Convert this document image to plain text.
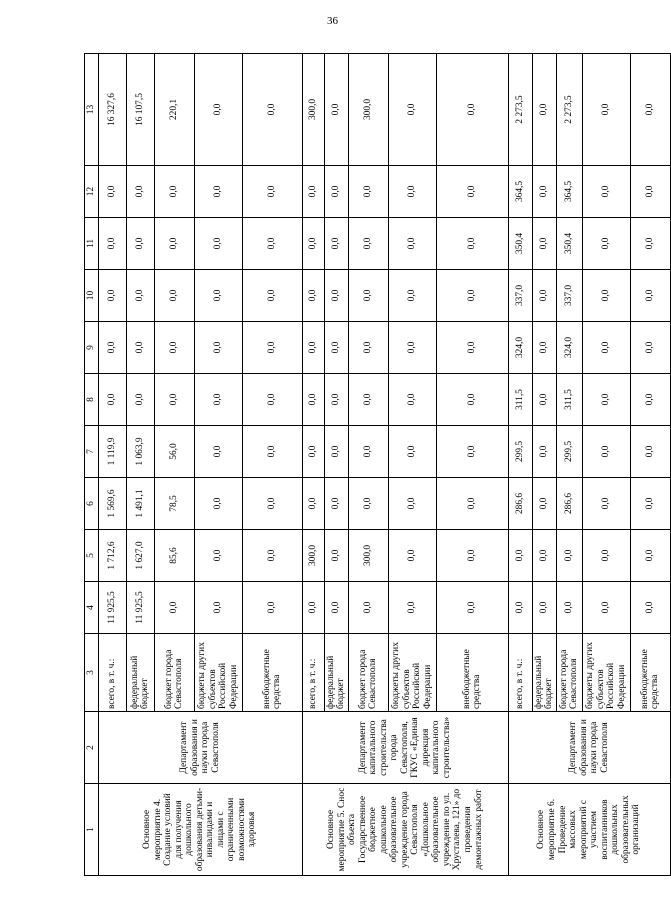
36
1	2	3	4	5	6	7	8	9	10	11	12	13
Основное мероприятие 4. Создание условий для получения дошкольного образования детьми-инвалидами и лицами с ограниченными возможностями здоровья	Департамент образования и науки города Севастополя	всего, в т. ч.:	11 925,5	1 712,6	1 569,6	1 119,9	0,0	0,0	0,0	0,0	0,0	16 327,6
		федеральный бюджет	11 925,5	1 627,0	1 491,1	1 063,9	0,0	0,0	0,0	0,0	0,0	16 107,5
		бюджет города Севастополя	0,0	85,6	78,5	56,0	0,0	0,0	0,0	0,0	0,0	220,1
		бюджеты других субъектов Российской Федерации	0,0	0,0	0,0	0,0	0,0	0,0	0,0	0,0	0,0	0,0
		внебюджетные средства	0,0	0,0	0,0	0,0	0,0	0,0	0,0	0,0	0,0	0,0
Основное мероприятие 5. Снос объекта Государственное бюджетное дошкольное образовательное учреждение города Севастополя «Дошкольное образовательное учреждение по ул. Хрусталева, 121» до проведения демонтажных работ	Департамент капитального строительства города Севастополя, ГКУС «Единая дирекция капитального строительства»	всего, в т. ч.:	0,0	300,0	0,0	0,0	0,0	0,0	0,0	0,0	0,0	300,0
		федеральный бюджет	0,0	0,0	0,0	0,0	0,0	0,0	0,0	0,0	0,0	0,0
		бюджет города Севастополя	0,0	300,0	0,0	0,0	0,0	0,0	0,0	0,0	0,0	300,0
		бюджеты других субъектов Российской Федерации	0,0	0,0	0,0	0,0	0,0	0,0	0,0	0,0	0,0	0,0
		внебюджетные средства	0,0	0,0	0,0	0,0	0,0	0,0	0,0	0,0	0,0	0,0
Основное мероприятие 6. Проведение массовых мероприятий с участием воспитанников дошкольных образовательных организаций	Департамент образования и науки города Севастополя	всего, в т. ч.:	0,0	0,0	286,6	299,5	311,5	324,0	337,0	350,4	364,5	2 273,5
		федеральный бюджет	0,0	0,0	0,0	0,0	0,0	0,0	0,0	0,0	0,0	0,0
		бюджет города Севастополя	0,0	0,0	286,6	299,5	311,5	324,0	337,0	350,4	364,5	2 273,5
		бюджеты других субъектов Российской Федерации	0,0	0,0	0,0	0,0	0,0	0,0	0,0	0,0	0,0	0,0
		внебюджетные средства	0,0	0,0	0,0	0,0	0,0	0,0	0,0	0,0	0,0	0,0
